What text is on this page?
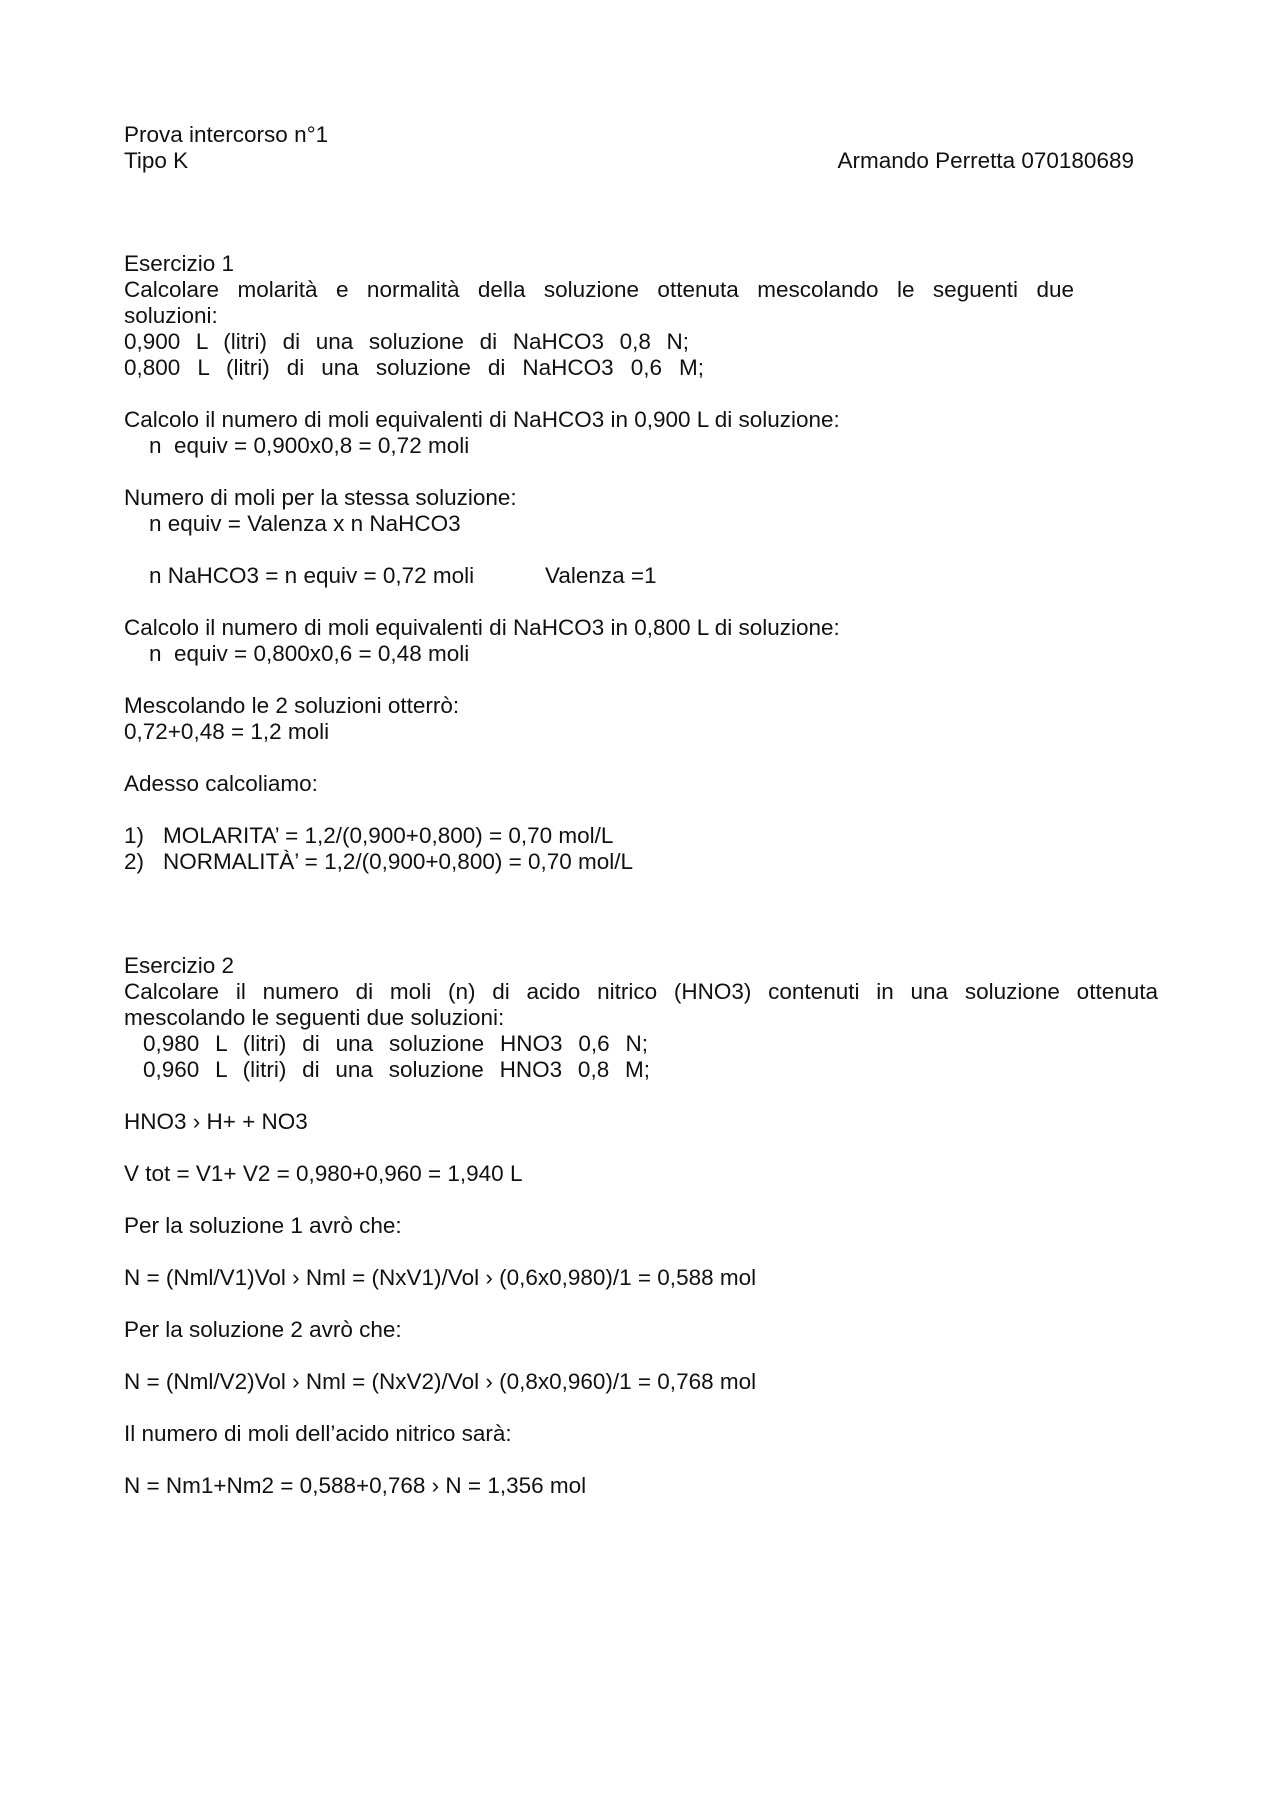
Prova intercorso n°1
Tipo K	Armando Perretta 070180689
Esercizio 1
Calcolare molarità e normalità della soluzione ottenuta mescolando le seguenti due
soluzioni:
0,900 L (litri) di una soluzione di NaHCO3 0,8 N;
0,800 L (litri) di una soluzione di NaHCO3 0,6 M;
Calcolo il numero di moli equivalenti di NaHCO3 in 0,900 L di soluzione:
n  equiv = 0,900x0,8 = 0,72 moli
Numero di moli per la stessa soluzione:
n equiv = Valenza x n NaHCO3
n NaHCO3 = n equiv = 0,72 moli	Valenza =1
Calcolo il numero di moli equivalenti di NaHCO3 in 0,800 L di soluzione:
n  equiv = 0,800x0,6 = 0,48 moli
Mescolando le 2 soluzioni otterrò:
0,72+0,48 = 1,2 moli
Adesso calcoliamo:
1) MOLARITA’ = 1,2/(0,900+0,800) = 0,70 mol/L
2) NORMALITÀ’ = 1,2/(0,900+0,800) = 0,70 mol/L
Esercizio 2
Calcolare il numero di moli (n) di acido nitrico (HNO3) contenuti in una soluzione ottenuta
mescolando le seguenti due soluzioni:
0,980 L (litri) di una soluzione HNO3 0,6 N;
0,960 L (litri) di una soluzione HNO3 0,8 M;
HNO3 › H+ + NO3
V tot = V1+ V2 = 0,980+0,960 = 1,940 L
Per la soluzione 1 avrò che:
N = (Nml/V1)Vol › Nml = (NxV1)/Vol › (0,6x0,980)/1 = 0,588 mol
Per la soluzione 2 avrò che:
N = (Nml/V2)Vol › Nml = (NxV2)/Vol › (0,8x0,960)/1 = 0,768 mol
Il numero di moli dell’acido nitrico sarà:
N = Nm1+Nm2 = 0,588+0,768 › N = 1,356 mol
